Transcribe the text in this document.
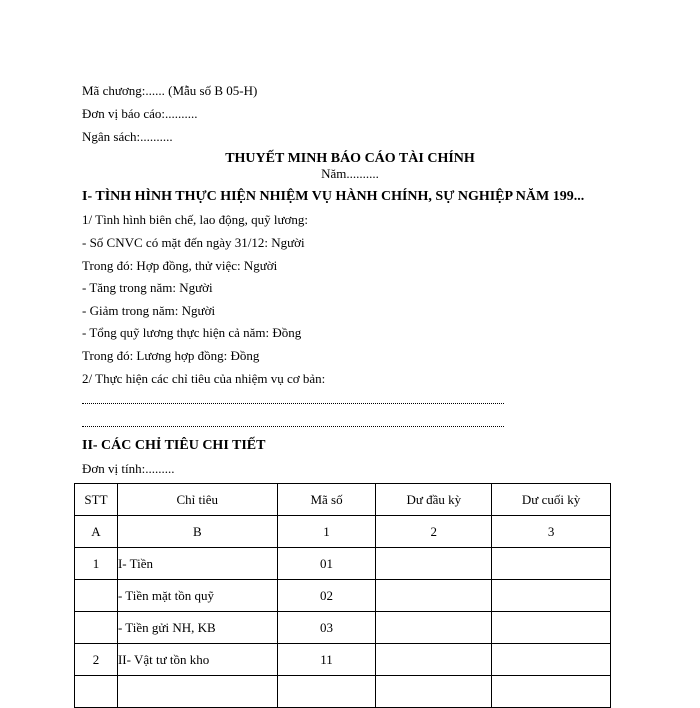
Mã chương:...... (Mẫu số B 05-H)
Đơn vị báo cáo:..........
Ngân sách:..........
THUYẾT MINH BÁO CÁO TÀI CHÍNH
Năm..........
I- TÌNH HÌNH THỰC HIỆN NHIỆM VỤ HÀNH CHÍNH, SỰ NGHIỆP NĂM 199...
1/ Tình hình biên chế, lao động, quỹ lương:
- Số CNVC có mặt đến ngày 31/12: Người
Trong đó: Hợp đồng, thử việc: Người
- Tăng trong năm: Người
- Giảm trong năm: Người
- Tổng quỹ lương thực hiện cả năm: Đồng
Trong đó: Lương hợp đồng: Đồng
2/ Thực hiện các chỉ tiêu của nhiệm vụ cơ bản:
II- CÁC CHỈ TIÊU CHI TIẾT
Đơn vị tính:.........
STT	Chỉ tiêu	Mã số	Dư đầu kỳ	Dư cuối kỳ
A	B	1	2	3
1	I- Tiền	01		
	- Tiền mặt tồn quỹ	02		
	- Tiền gửi NH, KB	03		
2	II- Vật tư tồn kho	11		
